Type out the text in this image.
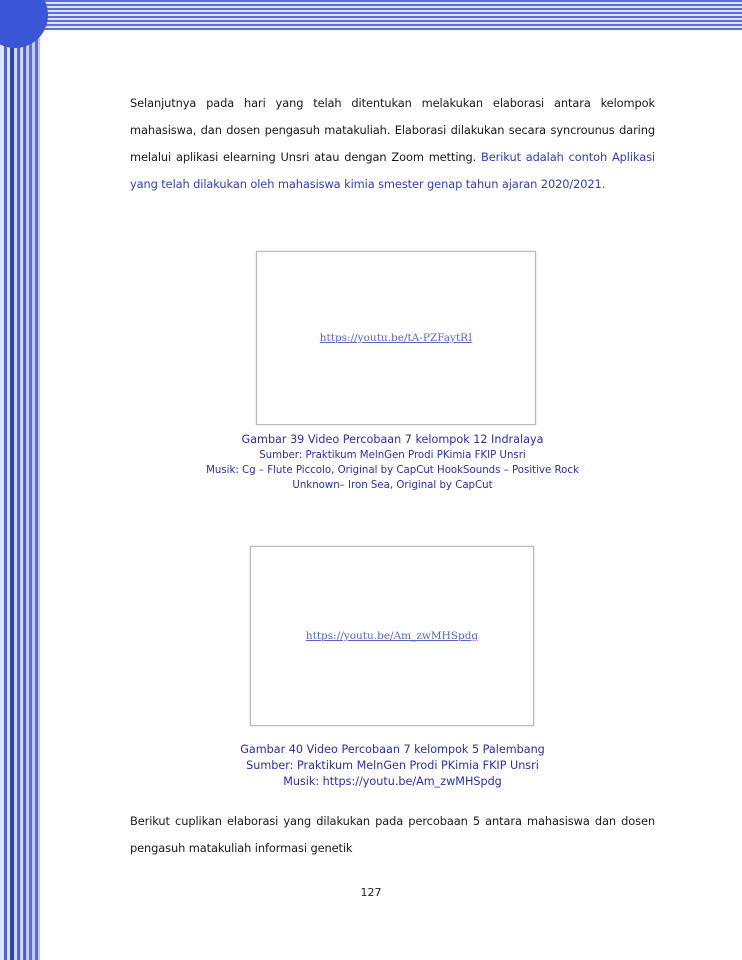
Selanjutnya pada hari yang telah ditentukan melakukan elaborasi antara kelompok mahasiswa, dan dosen pengasuh matakuliah. Elaborasi dilakukan secara syncrounus daring melalui aplikasi elearning Unsri atau dengan Zoom metting. Berikut adalah contoh Aplikasi yang telah dilakukan oleh mahasiswa kimia smester genap tahun ajaran 2020/2021.

https://youtu.be/tA-PZFaytRI

Gambar 39 Video Percobaan 7 kelompok 12 Indralaya

Sumber: Praktikum MelnGen Prodi PKimia FKIP Unsri

Musik: Cg – Flute Piccolo, Original by CapCut HookSounds – Positive Rock

Unknown– Iron Sea, Original by CapCut

https://youtu.be/Am_zwMHSpdg

Gambar 40 Video Percobaan 7 kelompok 5 Palembang

Sumber: Praktikum MelnGen Prodi PKimia FKIP Unsri

Musik: https://youtu.be/Am_zwMHSpdg

Berikut cuplikan elaborasi yang dilakukan pada percobaan 5 antara mahasiswa dan dosen pengasuh matakuliah informasi genetik

127
